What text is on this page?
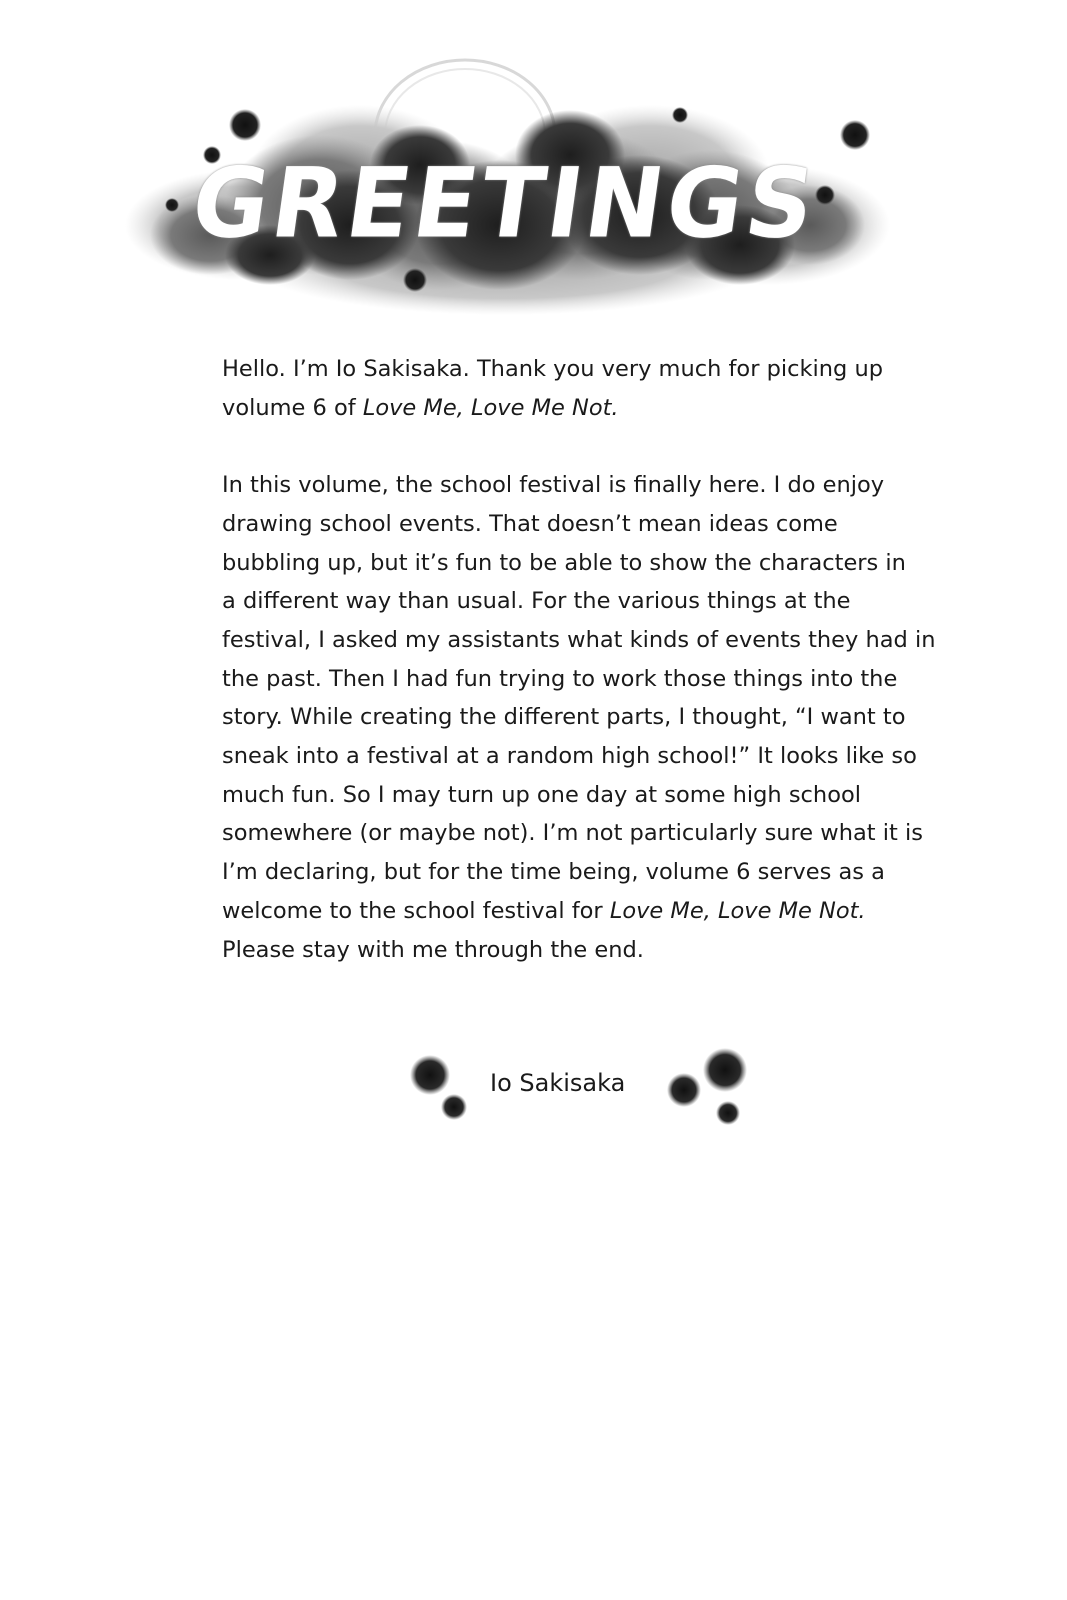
GREETINGS

Hello. I’m Io Sakisaka. Thank you very much for picking up
volume 6 of Love Me, Love Me Not.

In this volume, the school festival is finally here. I do enjoy
drawing school events. That doesn’t mean ideas come
bubbling up, but it’s fun to be able to show the characters in
a different way than usual. For the various things at the
festival, I asked my assistants what kinds of events they had in
the past. Then I had fun trying to work those things into the
story. While creating the different parts, I thought, “I want to
sneak into a festival at a random high school!” It looks like so
much fun. So I may turn up one day at some high school
somewhere (or maybe not). I’m not particularly sure what it is
I’m declaring, but for the time being, volume 6 serves as a
welcome to the school festival for Love Me, Love Me Not.
Please stay with me through the end.

Io Sakisaka
